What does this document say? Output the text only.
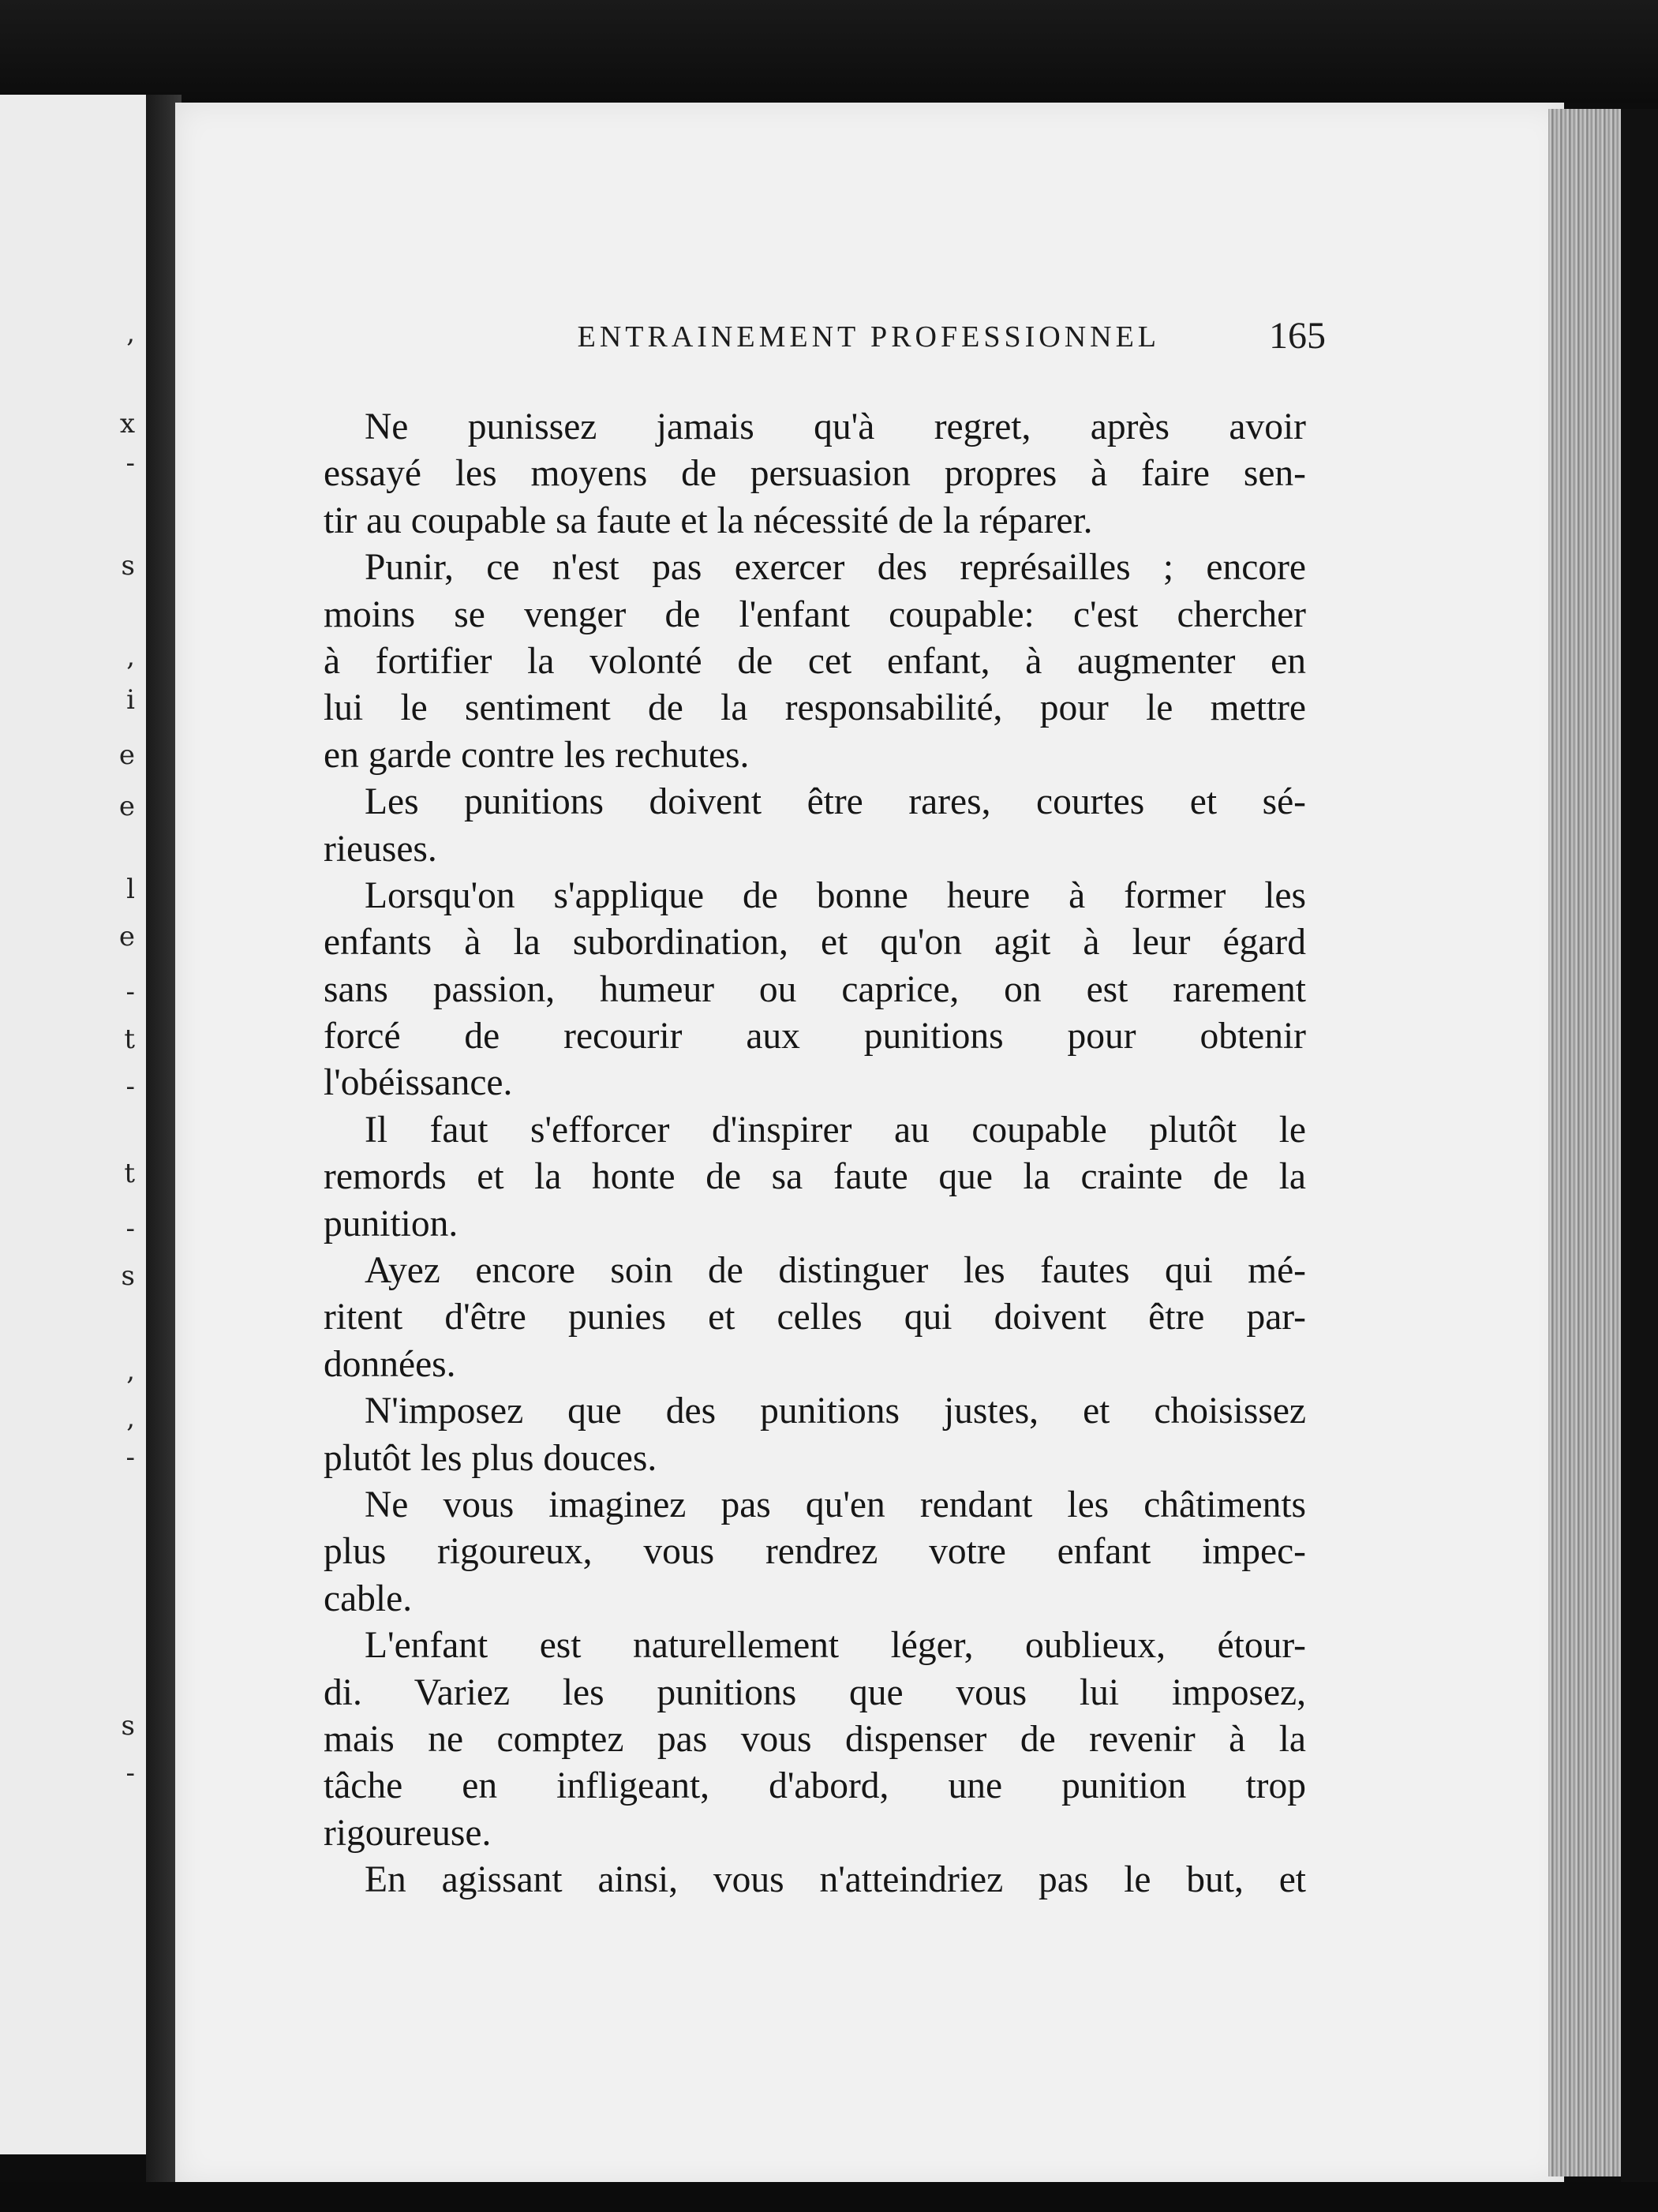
,
x
-
s
,
i
e
e
l
e
-
t
-
t
-
s
,
,
-
s
-
ENTRAINEMENT PROFESSIONNEL	165
Ne punissez jamais qu'à regret, après avoir
essayé les moyens de persuasion propres à faire sen-
tir au coupable sa faute et la nécessité de la réparer.
Punir, ce n'est pas exercer des représailles ; encore
moins se venger de l'enfant coupable: c'est chercher
à fortifier la volonté de cet enfant, à augmenter en
lui le sentiment de la responsabilité, pour le mettre
en garde contre les rechutes.
Les punitions doivent être rares, courtes et sé-
rieuses.
Lorsqu'on s'applique de bonne heure à former les
enfants à la subordination, et qu'on agit à leur égard
sans passion, humeur ou caprice, on est rarement
forcé de recourir aux punitions pour obtenir
l'obéissance.
Il faut s'efforcer d'inspirer au coupable plutôt le
remords et la honte de sa faute que la crainte de la
punition.
Ayez encore soin de distinguer les fautes qui mé-
ritent d'être punies et celles qui doivent être par-
données.
N'imposez que des punitions justes, et choisissez
plutôt les plus douces.
Ne vous imaginez pas qu'en rendant les châtiments
plus rigoureux, vous rendrez votre enfant impec-
cable.
L'enfant est naturellement léger, oublieux, étour-
di. Variez les punitions que vous lui imposez,
mais ne comptez pas vous dispenser de revenir à la
tâche en infligeant, d'abord, une punition trop
rigoureuse.
En agissant ainsi, vous n'atteindriez pas le but, et
